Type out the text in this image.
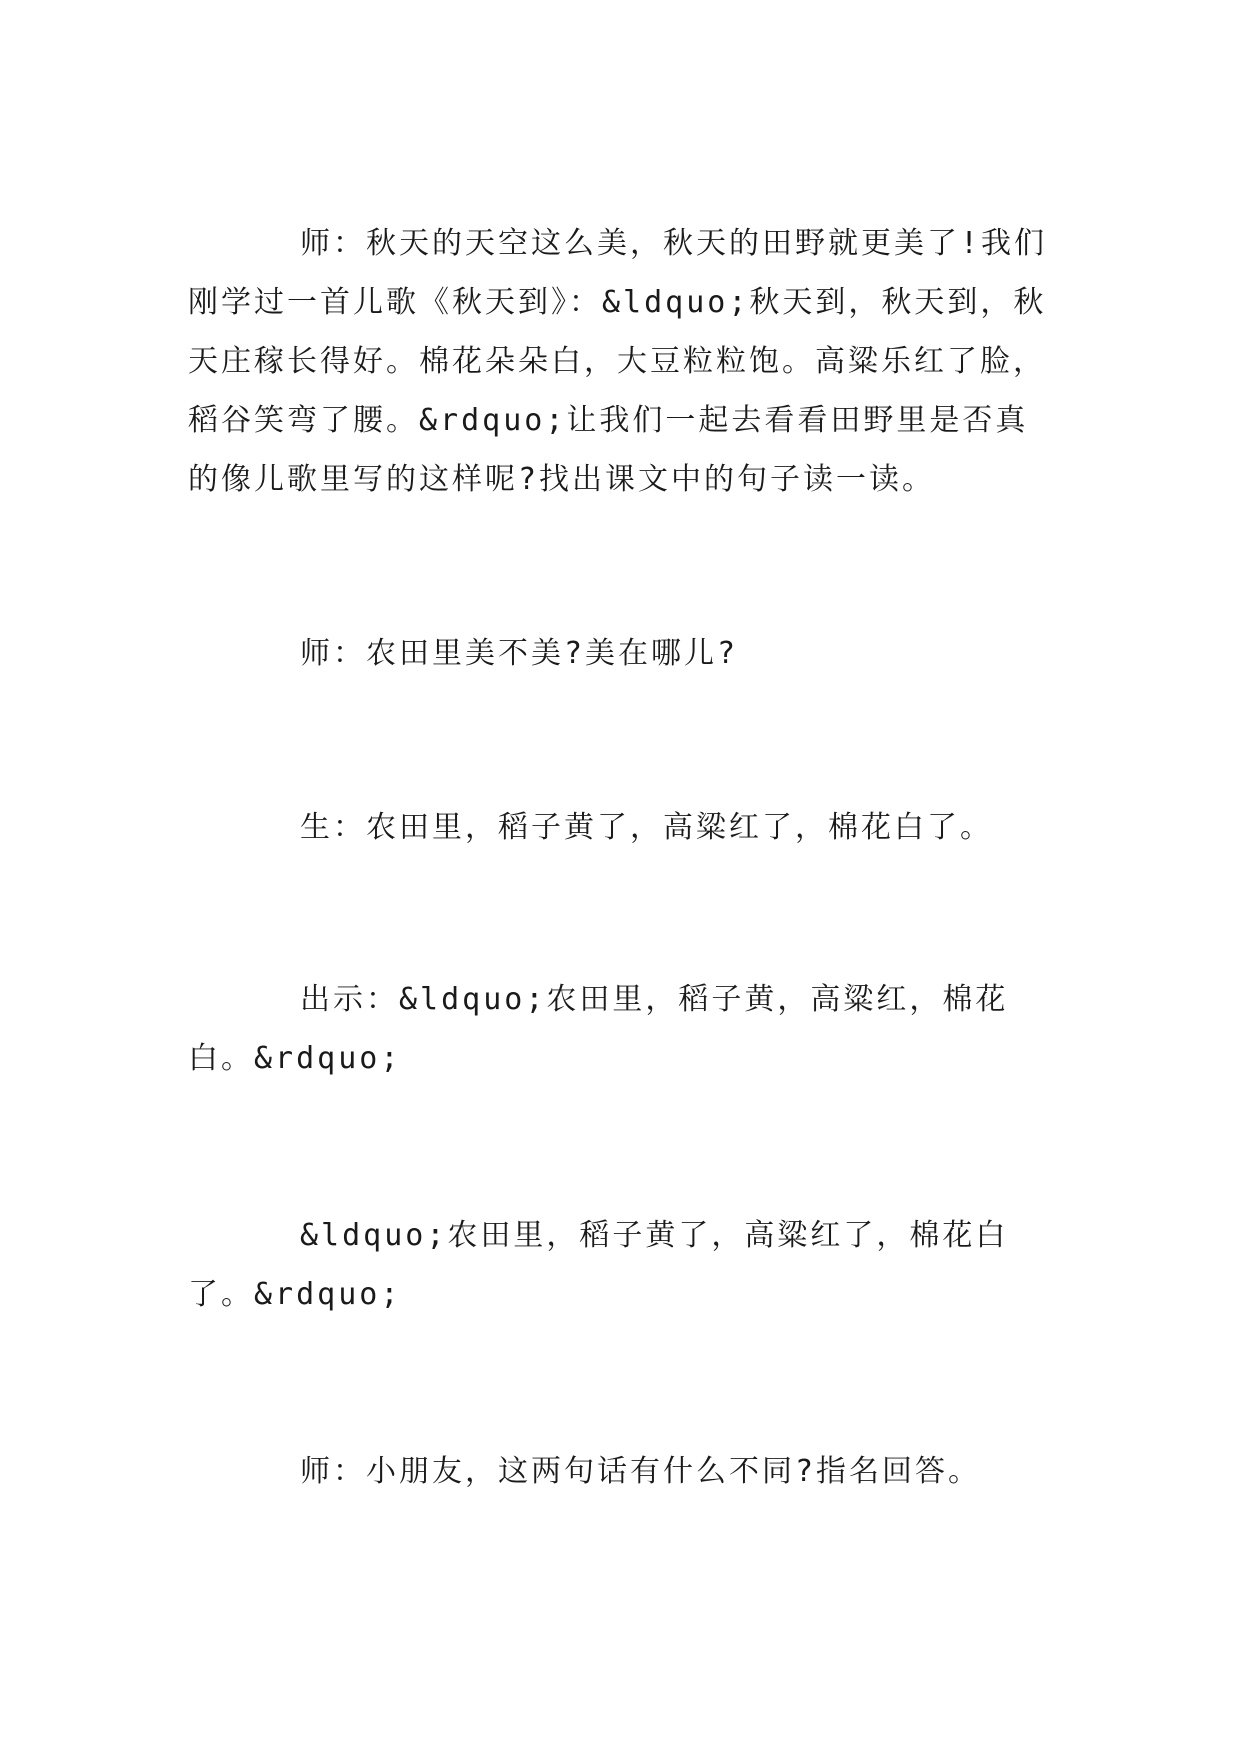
师：秋天的天空这么美，秋天的田野就更美了!我们刚学过一首儿歌《秋天到》：&ldquo;秋天到，秋天到，秋天庄稼长得好。棉花朵朵白，大豆粒粒饱。高粱乐红了脸，稻谷笑弯了腰。&rdquo;让我们一起去看看田野里是否真的像儿歌里写的这样呢?找出课文中的句子读一读。

师：农田里美不美?美在哪儿?

生：农田里，稻子黄了，高粱红了，棉花白了。

出示：&ldquo;农田里，稻子黄，高粱红，棉花白。&rdquo;

&ldquo;农田里，稻子黄了，高粱红了，棉花白了。&rdquo;

师：小朋友，这两句话有什么不同?指名回答。
